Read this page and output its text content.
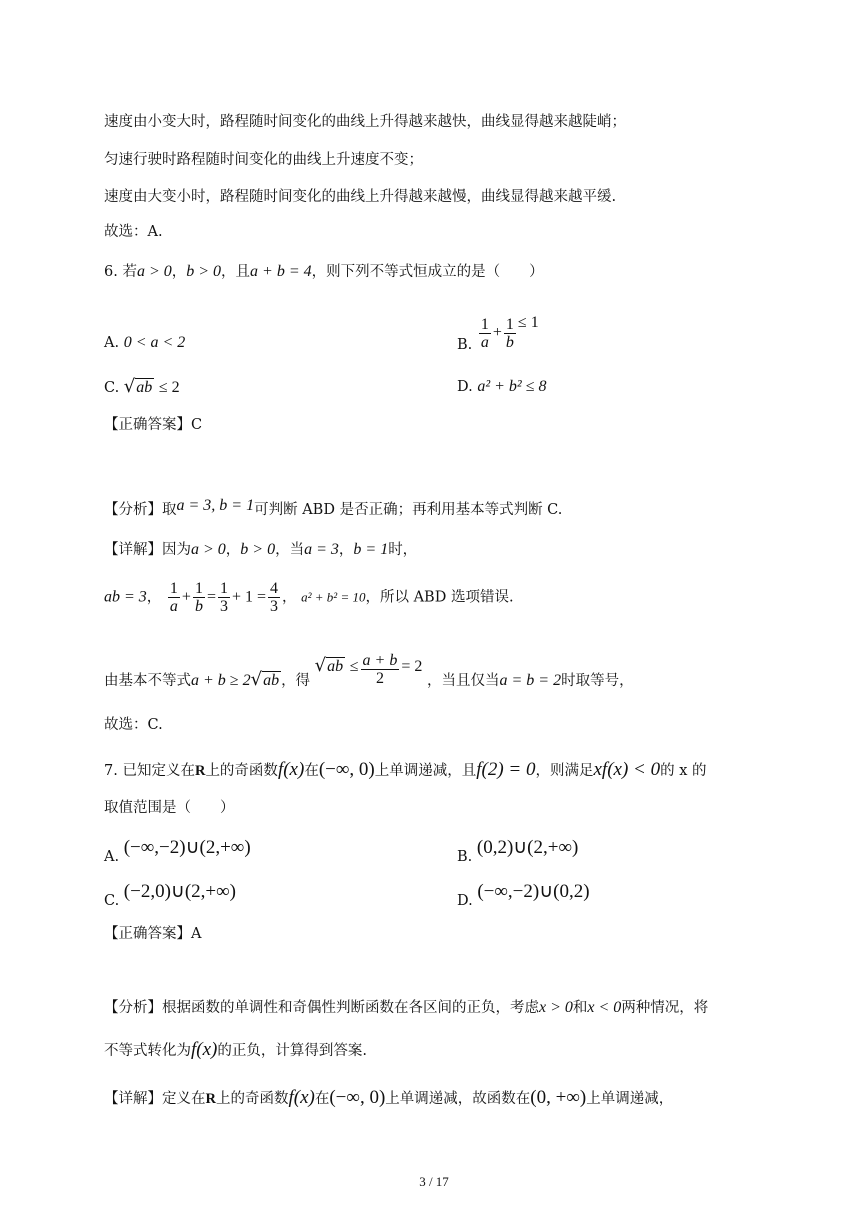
速度由小变大时，路程随时间变化的曲线上升得越来越快，曲线显得越来越陡峭；
匀速行驶时路程随时间变化的曲线上升速度不变；
速度由大变小时，路程随时间变化的曲线上升得越来越慢，曲线显得越来越平缓.
故选：A.
6. 若a > 0，b > 0，且a + b = 4，则下列不等式恒成立的是（　　）
A. 0 < a < 2	B. $\frac{1}{a} + \frac{1}{b} \le 1$
C. √ab ≤ 2	D. a² + b² ≤ 8
【正确答案】C
【分析】取a = 3, b = 1可判断 ABD 是否正确；再利用基本等式判断 C.
【详解】因为a > 0，b > 0，当a = 3，b = 1时，
ab = 3， $\frac{1}{a} + \frac{1}{b} = \frac{1}{3} + 1 = \frac{4}{3}$ ， a² + b² = 10，所以 ABD 选项错误.
由基本不等式a + b ≥ 2√ab ，得 $√ab \le \frac{a + b}{2} = 2$ ，当且仅当a = b = 2时取等号，
故选：C.
7. 已知定义在R上的奇函数f(x)在(−∞, 0)上单调递减，且f(2) = 0，则满足xf(x) < 0的 x 的
取值范围是（　　）
A. (−∞,−2)∪(2,+∞)	B. (0,2)∪(2,+∞)
C. (−2,0)∪(2,+∞)	D. (−∞,−2)∪(0,2)
【正确答案】A
【分析】根据函数的单调性和奇偶性判断函数在各区间的正负，考虑x > 0和x < 0两种情况，将
不等式转化为f(x)的正负，计算得到答案.
【详解】定义在R上的奇函数f(x)在(−∞, 0)上单调递减，故函数在(0, +∞)上单调递减，
3 / 17
